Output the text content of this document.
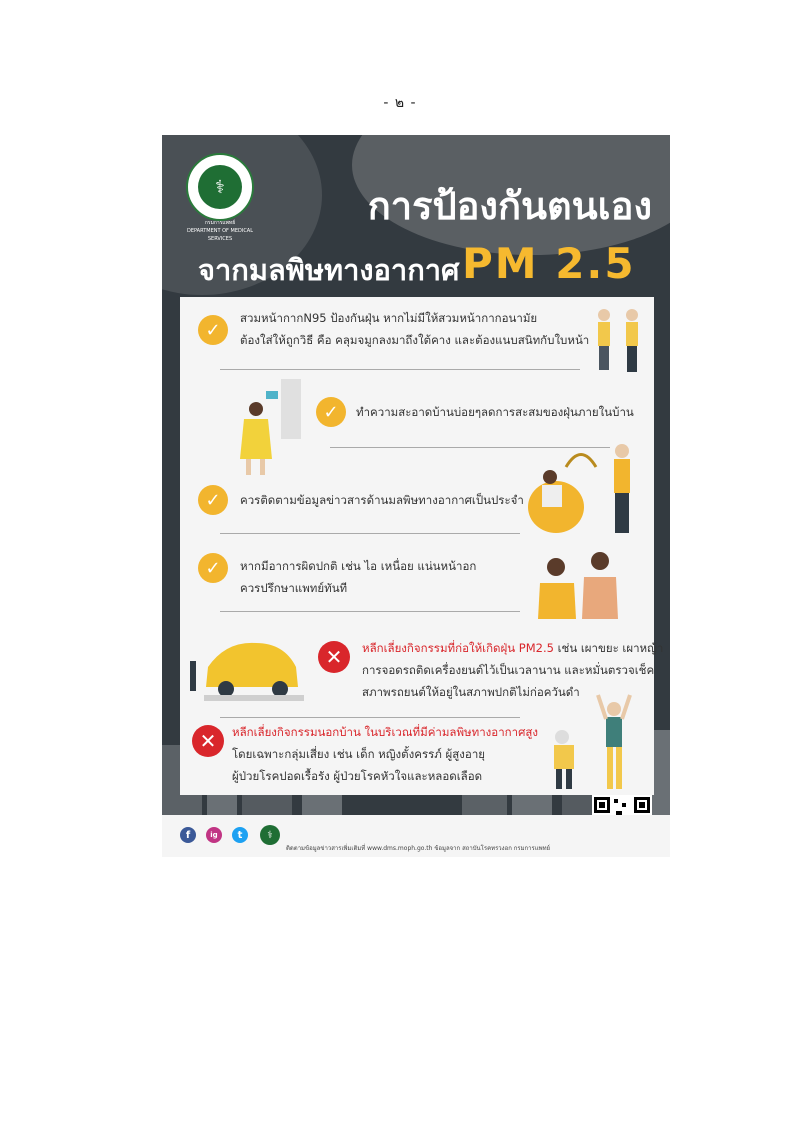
- ๒ -
⚕
กรมการแพทย์
DEPARTMENT OF MEDICAL SERVICES
การป้องกันตนเอง
จากมลพิษทางอากาศ PM 2.5
✓
สวมหน้ากากN95 ป้องกันฝุ่น หากไม่มีให้สวมหน้ากากอนามัย
ต้องใส่ให้ถูกวิธี คือ คลุมจมูกลงมาถึงใต้คาง และต้องแนบสนิทกับใบหน้า
✓	ทำความสะอาดบ้านบ่อยๆลดการสะสมของฝุ่นภายในบ้าน
✓	ควรติดตามข้อมูลข่าวสารด้านมลพิษทางอากาศเป็นประจำ
✓	หากมีอาการผิดปกติ เช่น ไอ เหนื่อย แน่นหน้าอก
ควรปรึกษาแพทย์ทันที
✕	หลีกเลี่ยงกิจกรรมที่ก่อให้เกิดฝุ่น PM2.5 เช่น เผาขยะ เผาหญ้า
การจอดรถติดเครื่องยนต์ไว้เป็นเวลานาน และหมั่นตรวจเช็ค
สภาพรถยนต์ให้อยู่ในสภาพปกติไม่ก่อควันดำ
✕	หลีกเลี่ยงกิจกรรมนอกบ้าน ในบริเวณที่มีค่ามลพิษทางอากาศสูง
โดยเฉพาะกลุ่มเสี่ยง เช่น เด็ก หญิงตั้งครรภ์ ผู้สูงอายุ
ผู้ป่วยโรคปอดเรื้อรัง ผู้ป่วยโรคหัวใจและหลอดเลือด
f	ig	t	⚕
ติดตามข้อมูลข่าวสารเพิ่มเติมที่ www.dms.moph.go.th ข้อมูลจาก สถาบันโรคทรวงอก กรมการแพทย์
